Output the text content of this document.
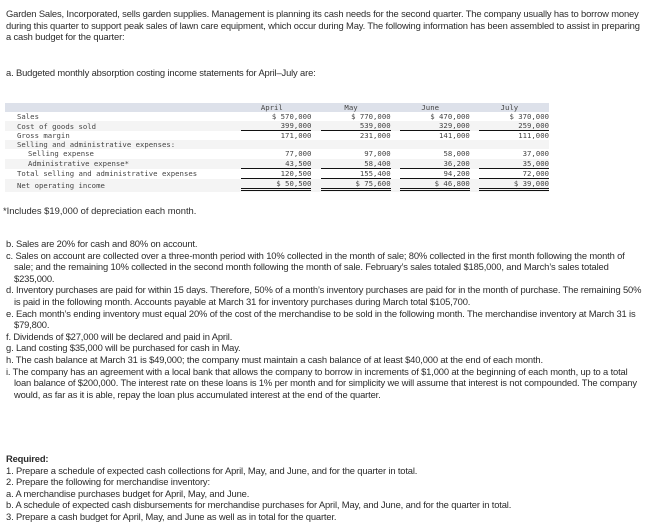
Garden Sales, Incorporated, sells garden supplies. Management is planning its cash needs for the second quarter. The company usually has to borrow money during this quarter to support peak sales of lawn care equipment, which occur during May. The following information has been assembled to assist in preparing a cash budget for the quarter:

a. Budgeted monthly absorption costing income statements for April–July are:

	April	May	June	July
Sales	$ 570,000	$ 770,000	$ 470,000	$ 370,000
Cost of goods sold	399,000	539,000	329,000	259,000
Gross margin	171,000	231,000	141,000	111,000
Selling and administrative expenses:				
Selling expense	77,000	97,000	58,000	37,000
Administrative expense*	43,500	58,400	36,200	35,000
Total selling and administrative expenses	120,500	155,400	94,200	72,000
Net operating income	$ 50,500	$ 75,600	$ 46,800	$ 39,000
*Includes $19,000 of depreciation each month.
b. Sales are 20% for cash and 80% on account.
c. Sales on account are collected over a three-month period with 10% collected in the month of sale; 80% collected in the first month following the month of sale; and the remaining 10% collected in the second month following the month of sale. February’s sales totaled $185,000, and March’s sales totaled $235,000.
d. Inventory purchases are paid for within 15 days. Therefore, 50% of a month’s inventory purchases are paid for in the month of purchase. The remaining 50% is paid in the following month. Accounts payable at March 31 for inventory purchases during March total $105,700.
e. Each month’s ending inventory must equal 20% of the cost of the merchandise to be sold in the following month. The merchandise inventory at March 31 is $79,800.
f. Dividends of $27,000 will be declared and paid in April.
g. Land costing $35,000 will be purchased for cash in May.
h. The cash balance at March 31 is $49,000; the company must maintain a cash balance of at least $40,000 at the end of each month.
i. The company has an agreement with a local bank that allows the company to borrow in increments of $1,000 at the beginning of each month, up to a total loan balance of $200,000. The interest rate on these loans is 1% per month and for simplicity we will assume that interest is not compounded. The company would, as far as it is able, repay the loan plus accumulated interest at the end of the quarter.
Required:
1. Prepare a schedule of expected cash collections for April, May, and June, and for the quarter in total.
2. Prepare the following for merchandise inventory:
a. A merchandise purchases budget for April, May, and June.
b. A schedule of expected cash disbursements for merchandise purchases for April, May, and June, and for the quarter in total.
3. Prepare a cash budget for April, May, and June as well as in total for the quarter.
